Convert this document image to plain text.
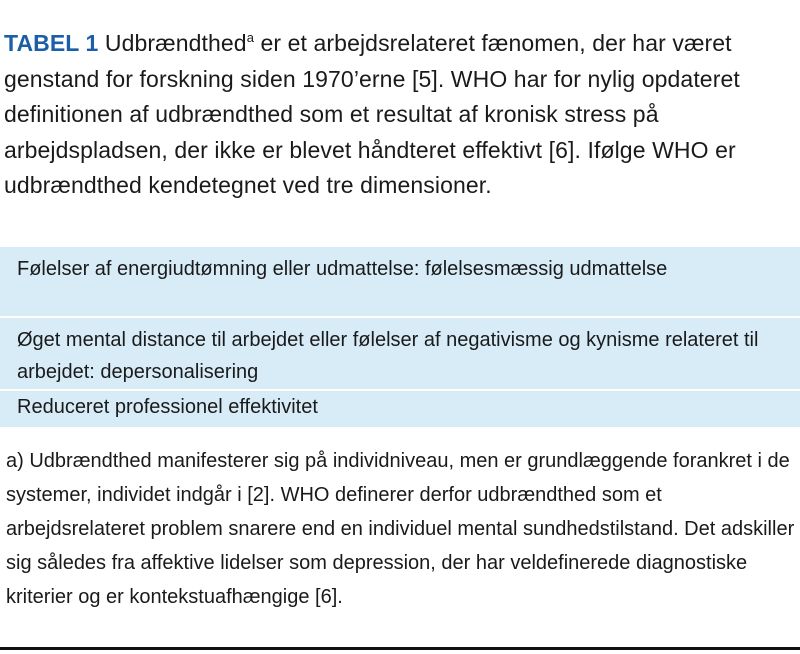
TABEL 1 Udbrændthed$^a$ er et arbejdsrelateret fænomen, der har været genstand for forskning siden 1970’erne [5]. WHO har for nylig opdateret definitionen af udbrændthed som et resultat af kronisk stress på arbejdspladsen, der ikke er blevet håndteret effektivt [6]. Ifølge WHO er udbrændthed kendetegnet ved tre dimensioner.
Følelser af energiudtømning eller udmattelse: følelsesmæssig udmattelse
Øget mental distance til arbejdet eller følelser af negativisme og kynisme relateret til arbejdet: depersonalisering
Reduceret professionel effektivitet
a) Udbrændthed manifesterer sig på individniveau, men er grundlæggende forankret i de systemer, individet indgår i [2]. WHO definerer derfor udbrændthed som et arbejdsrelateret problem snarere end en individuel mental sundhedstilstand. Det adskiller sig således fra affektive lidelser som depression, der har veldefinerede diagnostiske kriterier og er kontekstuafhængige [6].
